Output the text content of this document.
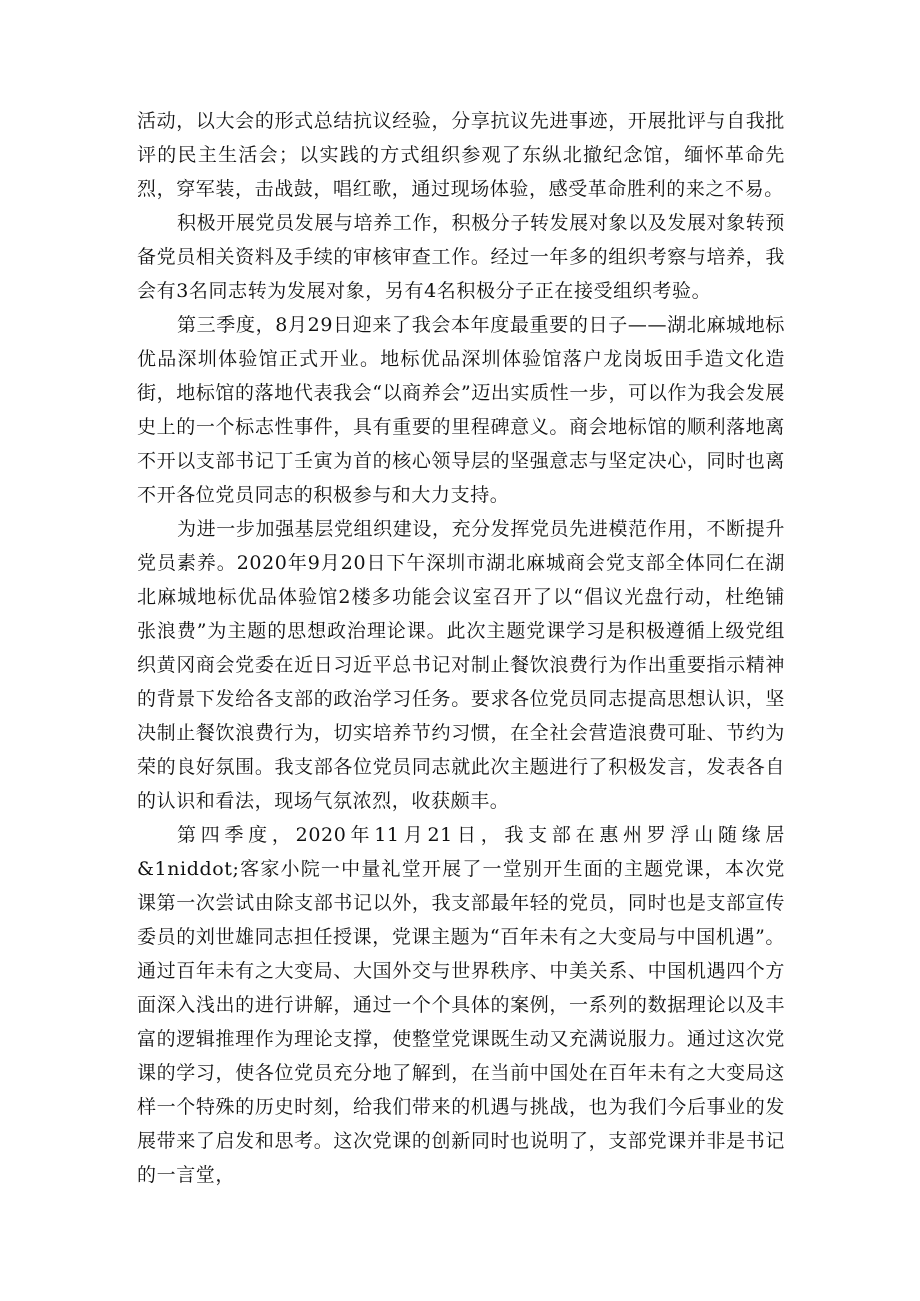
活动，以大会的形式总结抗议经验，分享抗议先进事迹，开展批评与自我批评的民主生活会；以实践的方式组织参观了东纵北撤纪念馆，缅怀革命先烈，穿军装，击战鼓，唱红歌，通过现场体验，感受革命胜利的来之不易。

积极开展党员发展与培养工作，积极分子转发展对象以及发展对象转预备党员相关资料及手续的审核审查工作。经过一年多的组织考察与培养，我会有3名同志转为发展对象，另有4名积极分子正在接受组织考验。

第三季度，8月29日迎来了我会本年度最重要的日子——湖北麻城地标优品深圳体验馆正式开业。地标优品深圳体验馆落户龙岗坂田手造文化造街，地标馆的落地代表我会“以商养会”迈出实质性一步，可以作为我会发展史上的一个标志性事件，具有重要的里程碑意义。商会地标馆的顺利落地离不开以支部书记丁壬寅为首的核心领导层的坚强意志与坚定决心，同时也离不开各位党员同志的积极参与和大力支持。

为进一步加强基层党组织建设，充分发挥党员先进模范作用，不断提升党员素养。2020年9月20日下午深圳市湖北麻城商会党支部全体同仁在湖北麻城地标优品体验馆2楼多功能会议室召开了以“倡议光盘行动，杜绝铺张浪费”为主题的思想政治理论课。此次主题党课学习是积极遵循上级党组织黄冈商会党委在近日习近平总书记对制止餐饮浪费行为作出重要指示精神的背景下发给各支部的政治学习任务。要求各位党员同志提高思想认识，坚决制止餐饮浪费行为，切实培养节约习惯，在全社会营造浪费可耻、节约为荣的良好氛围。我支部各位党员同志就此次主题进行了积极发言，发表各自的认识和看法，现场气氛浓烈，收获颇丰。

第四季度，2020年11月21日，我支部在惠州罗浮山随缘居&1niddot;客家小院一中量礼堂开展了一堂别开生面的主题党课，本次党课第一次尝试由除支部书记以外，我支部最年轻的党员，同时也是支部宣传委员的刘世雄同志担任授课，党课主题为“百年未有之大变局与中国机遇”。通过百年未有之大变局、大国外交与世界秩序、中美关系、中国机遇四个方面深入浅出的进行讲解，通过一个个具体的案例，一系列的数据理论以及丰富的逻辑推理作为理论支撑，使整堂党课既生动又充满说服力。通过这次党课的学习，使各位党员充分地了解到，在当前中国处在百年未有之大变局这样一个特殊的历史时刻，给我们带来的机遇与挑战，也为我们今后事业的发展带来了启发和思考。这次党课的创新同时也说明了，支部党课并非是书记的一言堂，
